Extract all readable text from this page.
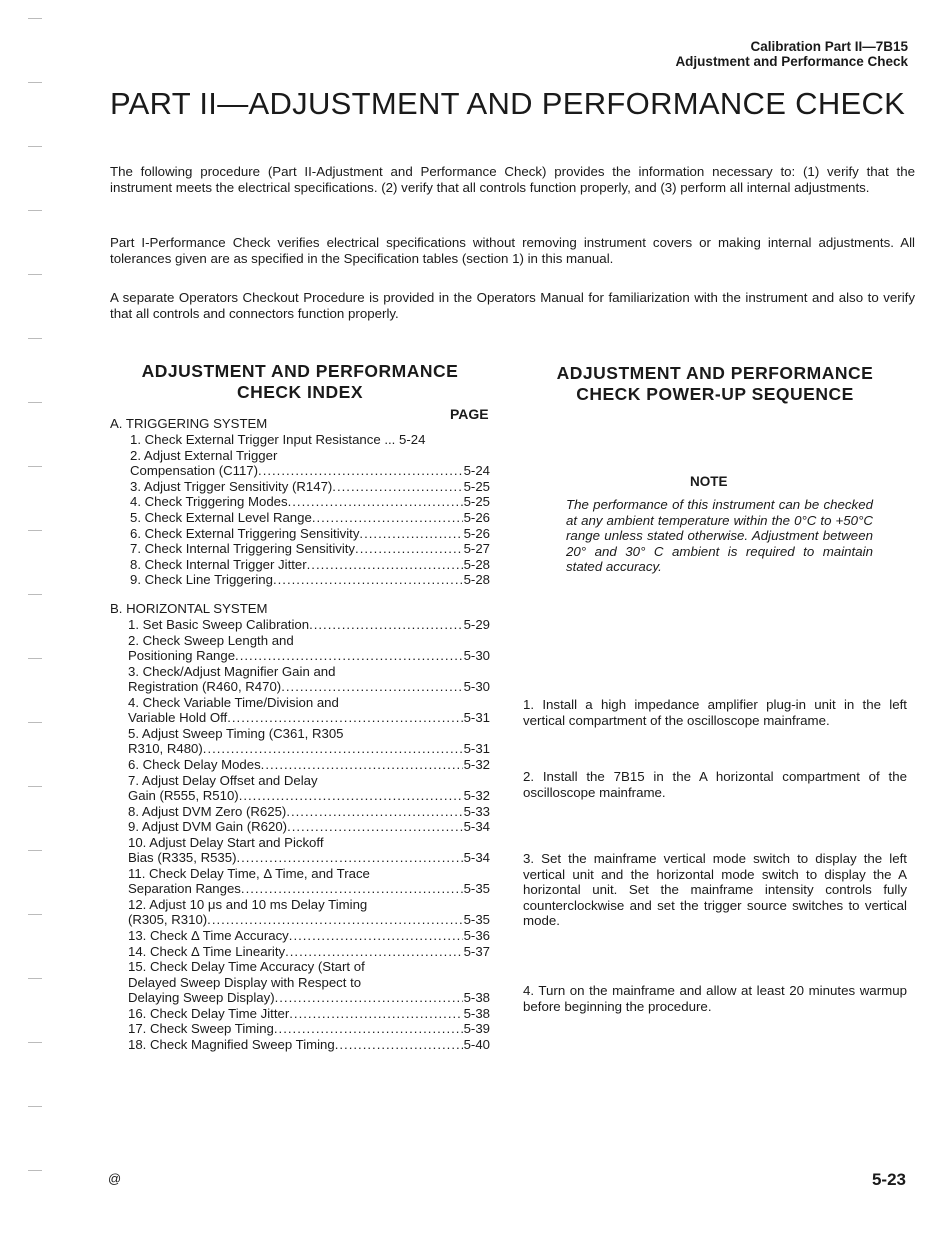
Calibration Part II—7B15
Adjustment and Performance Check
PART II—ADJUSTMENT AND PERFORMANCE CHECK
The following procedure (Part II-Adjustment and Performance Check) provides the information necessary to: (1) verify that the instrument meets the electrical specifications. (2) verify that all controls function properly, and (3) perform all internal adjustments.
Part I-Performance Check verifies electrical specifications without removing instrument covers or making internal adjustments. All tolerances given are as specified in the Specification tables (section 1) in this manual.
A separate Operators Checkout Procedure is provided in the Operators Manual for familiarization with the instrument and also to verify that all controls and connectors function properly.
ADJUSTMENT AND PERFORMANCE
CHECK INDEX
PAGE
A. TRIGGERING SYSTEM
B. HORIZONTAL SYSTEM
1. Check External Trigger Input Resistance ... 5-24
2. Adjust External Trigger
Compensation (C117) .....	5-24
3. Adjust Trigger Sensitivity (R147) .....	5-25
4. Check Triggering Modes .....	5-25
5. Check External Level Range .....	5-26
6. Check External Triggering Sensitivity .....	5-26
7. Check Internal Triggering Sensitivity .....	5-27
8. Check Internal Trigger Jitter .....	5-28
9. Check Line Triggering .....	5-28
1. Set Basic Sweep Calibration .....	5-29
2. Check Sweep Length and
Positioning Range .....	5-30
3. Check/Adjust Magnifier Gain and
Registration (R460, R470) .....	5-30
4. Check Variable Time/Division and
Variable Hold Off .....	5-31
5. Adjust Sweep Timing (C361, R305
R310, R480) .....	5-31
6. Check Delay Modes .....	5-32
7. Adjust Delay Offset and Delay
Gain (R555, R510) .....	5-32
8. Adjust DVM Zero (R625) .....	5-33
9. Adjust DVM Gain (R620) .....	5-34
10. Adjust Delay Start and Pickoff
Bias (R335, R535) .....	5-34
11. Check Delay Time, Δ Time, and Trace
Separation Ranges .....	5-35
12. Adjust 10 μs and 10 ms Delay Timing
(R305, R310) .....	5-35
13. Check Δ Time Accuracy .....	5-36
14. Check Δ Time Linearity .....	5-37
15. Check Delay Time Accuracy (Start of
Delayed Sweep Display with Respect to
Delaying Sweep Display) .....	5-38
16. Check Delay Time Jitter .....	5-38
17. Check Sweep Timing .....	5-39
18. Check Magnified Sweep Timing .....	5-40
ADJUSTMENT AND PERFORMANCE
CHECK POWER-UP SEQUENCE
NOTE
The performance of this instrument can be checked at any ambient temperature within the 0°C to +50°C range unless stated otherwise. Adjustment between 20° and 30° C ambient is required to maintain stated accuracy.
1. Install a high impedance amplifier plug-in unit in the left vertical compartment of the oscilloscope mainframe.
2. Install the 7B15 in the A horizontal compartment of the oscilloscope mainframe.
3. Set the mainframe vertical mode switch to display the left vertical unit and the horizontal mode switch to display the A horizontal unit. Set the mainframe intensity controls fully counterclockwise and set the trigger source switches to vertical mode.
4. Turn on the mainframe and allow at least 20 minutes warmup before beginning the procedure.
@	5-23
